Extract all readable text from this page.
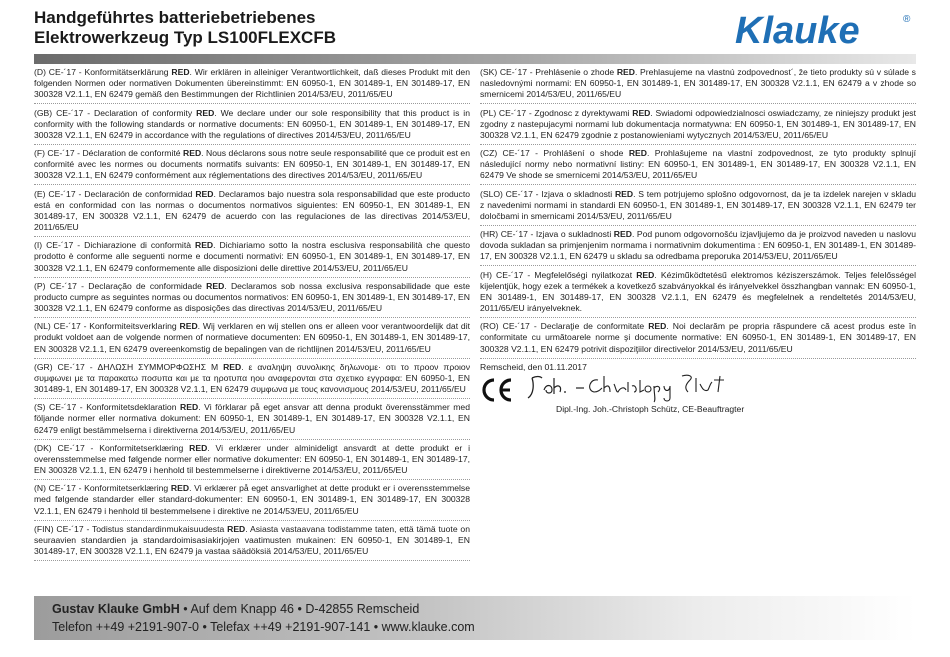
Handgeführtes batteriebetriebenes
Elektrowerkzeug Typ LS100FLEXCFB	Klauke	®
(D) CE-´17 - Konformitätserklärung RED. Wir erklären in alleiniger Verantwortlichkeit, daß dieses Produkt mit den folgenden Normen oder normativen Dokumenten übereinstimmt: EN 60950-1, EN 301489-1, EN 301489-17, EN 300328 V2.1.1, EN 62479 gemäß den Bestimmungen der Richtlinien 2014/53/EU, 2011/65/EU
(GB) CE-´17 - Declaration of conformity RED. We declare under our sole responsibility that this product is in conformity with the following standards or normative documents: EN 60950-1, EN 301489-1, EN 301489-17, EN 300328 V2.1.1, EN 62479 in accordance with the regulations of directives 2014/53/EU, 2011/65/EU
(F) CE-´17 - Déclaration de conformité RED. Nous déclarons sous notre seule responsabilité que ce produit est en conformité avec les normes ou documents normatifs suivants: EN 60950-1, EN 301489-1, EN 301489-17, EN 300328 V2.1.1, EN 62479 conformément aux réglementations des directives 2014/53/EU, 2011/65/EU
(E) CE-´17 - Declaración de conformidad RED. Declaramos bajo nuestra sola responsabilidad que este producto está en conformidad con las normas o documentos normativos siguientes: EN 60950-1, EN 301489-1, EN 301489-17, EN 300328 V2.1.1, EN 62479 de acuerdo con las regulaciones de las directivas 2014/53/EU, 2011/65/EU
(I) CE-´17 - Dichiarazione di conformità RED. Dichiariamo sotto la nostra esclusiva responsabilità che questo prodotto è conforme alle seguenti norme e documenti normativi: EN 60950-1, EN 301489-1, EN 301489-17, EN 300328 V2.1.1, EN 62479 conformemente alle disposizioni delle direttive 2014/53/EU, 2011/65/EU
(P) CE-´17 - Declaração de conformidade RED. Declaramos sob nossa exclusiva responsabilidade que este producto cumpre as seguintes normas ou documentos normativos: EN 60950-1, EN 301489-1, EN 301489-17, EN 300328 V2.1.1, EN 62479 conforme as disposições das directivas 2014/53/EU, 2011/65/EU
(NL) CE-´17 - Konformiteitsverklaring RED. Wij verklaren en wij stellen ons er alleen voor verantwoordelijk dat dit produkt voldoet aan de volgende normen of normatieve documenten: EN 60950-1, EN 301489-1, EN 301489-17, EN 300328 V2.1.1, EN 62479 overeenkomstig de bepalingen van de richtlijnen 2014/53/EU, 2011/65/EU
(GR) CE-´17 - ΔΗΛΩΣΗ ΣΥΜΜΟΡΦΩΣΗΣ Μ RED. ε αναληψη συνολικης δηλωνομε· οτι το προον προιον συμφωνει με τα παρακατω ποσυπα και με τα ηροτυπα ηου αναφερονται στα σχετικο εγγραφα: EN 60950-1, EN 301489-1, EN 301489-17, EN 300328 V2.1.1, EN 62479 συμφωνα με τους κανονισμους 2014/53/EU, 2011/65/EU
(S) CE-´17 - Konformitetsdeklaration RED. Vi förklarar på eget ansvar att denna produkt överensstämmer med följande normer eller normativa dokument: EN 60950-1, EN 301489-1, EN 301489-17, EN 300328 V2.1.1, EN 62479 enligt bestämmelserna i direktiverna 2014/53/EU, 2011/65/EU
(DK) CE-´17 - Konformitetserklæring RED. Vi erklærer under alminideligt ansvardt at dette produkt er i overensstemmelse med følgende normer eller normative dokumenter: EN 60950-1, EN 301489-1, EN 301489-17, EN 300328 V2.1.1, EN 62479 i henhold til bestemmelserne i direktiverne 2014/53/EU, 2011/65/EU
(N) CE-´17 - Konformitetserklæring RED. Vi erklærer på eget ansvarlighet at dette produkt er i overensstemmelse med følgende standarder eller standard-dokumenter: EN 60950-1, EN 301489-1, EN 301489-17, EN 300328 V2.1.1, EN 62479 i henhold til bestemmelsene i direktive ne 2014/53/EU, 2011/65/EU
(FIN) CE-´17 - Todistus standardinmukaisuudesta RED. Asiasta vastaavana todistamme taten, että tämä tuote on seuraavien standardien ja standardoimisasiakirjojen vaatimusten mukainen: EN 60950-1, EN 301489-1, EN 301489-17, EN 300328 V2.1.1, EN 62479 ja vastaa säädöksiä 2014/53/EU, 2011/65/EU
(SK) CE-´17 - Prehlásenie o zhode RED. Prehlasujeme na vlastnú zodpovednost´, že tieto produkty sú v súlade s nasledovnými normami: EN 60950-1, EN 301489-1, EN 301489-17, EN 300328 V2.1.1, EN 62479 a v zhode so smernicemi 2014/53/EU, 2011/65/EU
(PL) CE-´17 - Zgodnosc z dyrektywami RED. Swiadomi odpowiedzialnosci oswiadczamy, ze niniejszy produkt jest zgodny z nastepujacymi normami lub dokumentacja normatywna: EN 60950-1, EN 301489-1, EN 301489-17, EN 300328 V2.1.1, EN 62479 zgodnie z postanowieniami wytycznych 2014/53/EU, 2011/65/EU
(CZ) CE-´17 - Prohlášení o shode RED. Prohlašujeme na vlastní zodpovednost, ze tyto produkty splnují následující normy nebo normativní listiny: EN 60950-1, EN 301489-1, EN 301489-17, EN 300328 V2.1.1, EN 62479 Ve shode se smernicemi 2014/53/EU, 2011/65/EU
(SLO) CE-´17 - Izjava o skladnosti RED. S tem potrjujemo splošno odgovornost, da je ta izdelek narejen v skladu z navedenimi normami in standardi EN 60950-1, EN 301489-1, EN 301489-17, EN 300328 V2.1.1, EN 62479 ter določbami in smernicami 2014/53/EU, 2011/65/EU
(HR) CE-´17 - Izjava o sukladnosti RED. Pod punom odgovornošću izjavljujemo da je proizvod naveden u naslovu dovoda sukladan sa primjenjenim normama i normativnim dokumentima : EN 60950-1, EN 301489-1, EN 301489-17, EN 300328 V2.1.1, EN 62479 u skladu sa odredbama preporuka 2014/53/EU, 2011/65/EU
(H) CE-´17 - Megfelelőségi nyilatkozat RED. Kézimű̈ködtetésű elektromos kéziszerszámok. Teljes felelősségel kijelentjük, hogy ezek a termékek a kovetkező szabványokkal és irányelvekkel összhangban vannak: EN 60950-1, EN 301489-1, EN 301489-17, EN 300328 V2.1.1, EN 62479 és megfelelnek a rendeltetés 2014/53/EU, 2011/65/EU irányelveknek.
(RO) CE-´17 - Declaraţie de conformitate RED. Noi declarăm pe propria răspundere că acest produs este în conformitate cu următoarele norme şi documente normative: EN 60950-1, EN 301489-1, EN 301489-17, EN 300328 V2.1.1, EN 62479 potrivit dispoziţiilor directivelor 2014/53/EU, 2011/65/EU
Remscheid, den 01.11.2017
Dipl.-Ing. Joh.-Christoph Schütz, CE-Beauftragter
Gustav Klauke GmbH • Auf dem Knapp 46 • D-42855 Remscheid
Telefon ++49 +2191-907-0 • Telefax ++49 +2191-907-141 • www.klauke.com
